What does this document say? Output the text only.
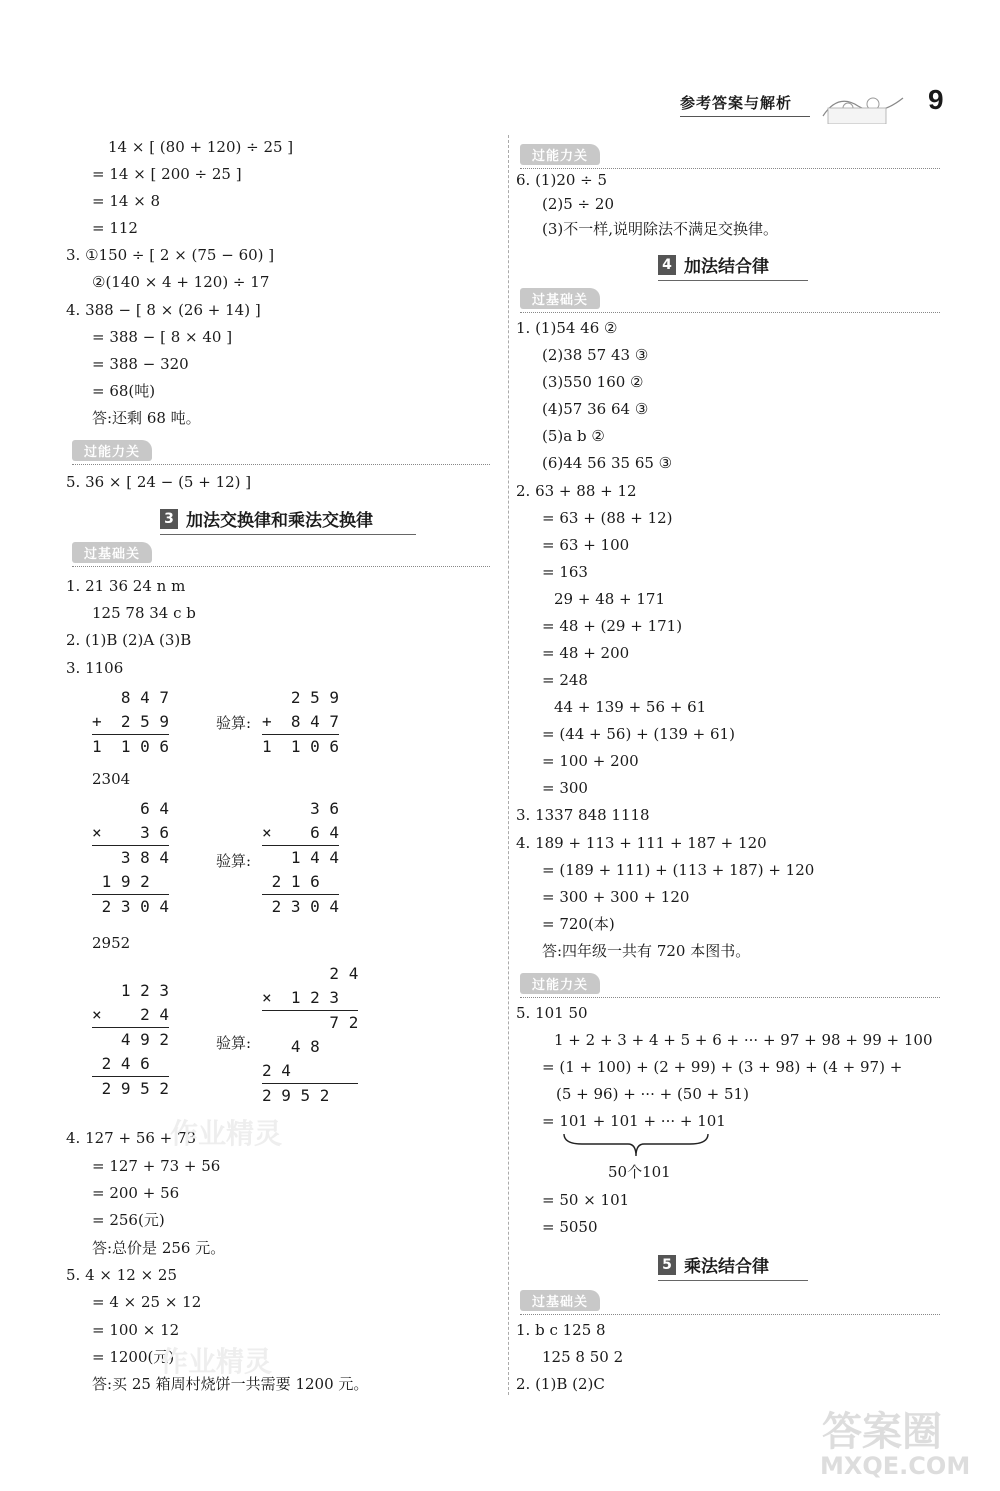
参考答案与解析	9
14 × [ (80 + 120) ÷ 25 ]
= 14 × [ 200 ÷ 25 ]
= 14 × 8
= 112
3. ①150 ÷ [ 2 × (75 − 60) ]
②(140 × 4 + 120) ÷ 17
4. 388 − [ 8 × (26 + 14) ]
= 388 − [ 8 × 40 ]
= 388 − 320
= 68(吨)
答:还剩 68 吨。
过能力关
5. 36 × [ 24 − (5 + 12) ]
3 加法交换律和乘法交换律
过基础关
1. 21 36 24 n m
125 78 34 c b
2. (1)B (2)A (3)B
3. 1106
8 4 7
+  2 5 9
1  1 0 6
验算:
2 5 9
+  8 4 7
1  1 0 6
2304
6 4
×    3 6
3 8 4
1 9 2
2 3 0 4
验算:
3 6
×    6 4
1 4 4
2 1 6
2 3 0 4
2952
1 2 3
×    2 4
4 9 2
2 4 6
2 9 5 2
验算:
2 4
×  1 2 3
7 2
4 8
2 4
2 9 5 2
4. 127 + 56 + 73
= 127 + 73 + 56
= 200 + 56
= 256(元)
答:总价是 256 元。
5. 4 × 12 × 25
= 4 × 25 × 12
= 100 × 12
= 1200(元)
答:买 25 箱周村烧饼一共需要 1200 元。
作业精灵
作业精灵
过能力关
6. (1)20 ÷ 5
(2)5 ÷ 20
(3)不一样,说明除法不满足交换律。
4 加法结合律
过基础关
1. (1)54 46 ②
(2)38 57 43 ③
(3)550 160 ②
(4)57 36 64 ③
(5)a b ②
(6)44 56 35 65 ③
2. 63 + 88 + 12
= 63 + (88 + 12)
= 63 + 100
= 163
29 + 48 + 171
= 48 + (29 + 171)
= 48 + 200
= 248
44 + 139 + 56 + 61
= (44 + 56) + (139 + 61)
= 100 + 200
= 300
3. 1337 848 1118
4. 189 + 113 + 111 + 187 + 120
= (189 + 111) + (113 + 187) + 120
= 300 + 300 + 120
= 720(本)
答:四年级一共有 720 本图书。
过能力关
5. 101 50
1 + 2 + 3 + 4 + 5 + 6 + ··· + 97 + 98 + 99 + 100
= (1 + 100) + (2 + 99) + (3 + 98) + (4 + 97) +
(5 + 96) + ··· + (50 + 51)
= 101 + 101 + ··· + 101
50个101
= 50 × 101
= 5050
5 乘法结合律
过基础关
1. b c 125 8
125 8 50 2
2. (1)B (2)C
答案圈
MXQE.COM
